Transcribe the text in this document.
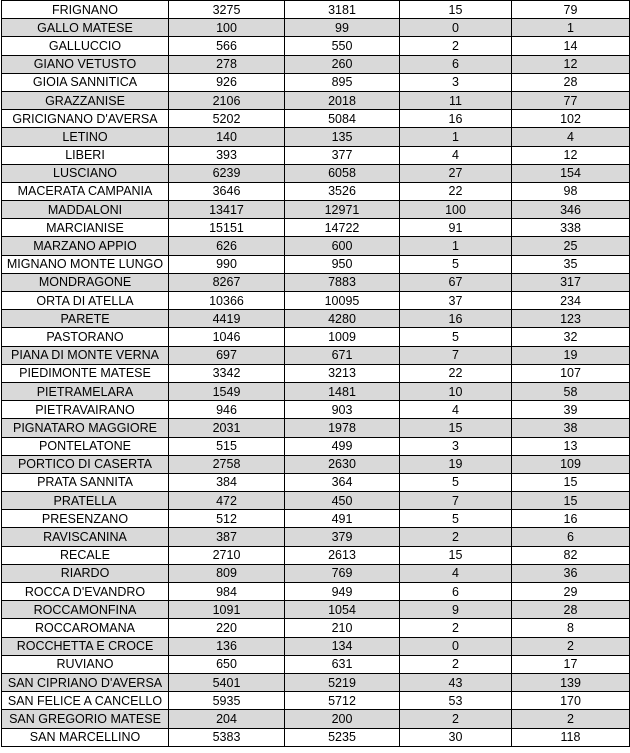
FRIGNANO	3275	3181	15	79
GALLO MATESE	100	99	0	1
GALLUCCIO	566	550	2	14
GIANO VETUSTO	278	260	6	12
GIOIA SANNITICA	926	895	3	28
GRAZZANISE	2106	2018	11	77
GRICIGNANO D'AVERSA	5202	5084	16	102
LETINO	140	135	1	4
LIBERI	393	377	4	12
LUSCIANO	6239	6058	27	154
MACERATA CAMPANIA	3646	3526	22	98
MADDALONI	13417	12971	100	346
MARCIANISE	15151	14722	91	338
MARZANO APPIO	626	600	1	25
MIGNANO MONTE LUNGO	990	950	5	35
MONDRAGONE	8267	7883	67	317
ORTA DI ATELLA	10366	10095	37	234
PARETE	4419	4280	16	123
PASTORANO	1046	1009	5	32
PIANA DI MONTE VERNA	697	671	7	19
PIEDIMONTE MATESE	3342	3213	22	107
PIETRAMELARA	1549	1481	10	58
PIETRAVAIRANO	946	903	4	39
PIGNATARO MAGGIORE	2031	1978	15	38
PONTELATONE	515	499	3	13
PORTICO DI CASERTA	2758	2630	19	109
PRATA SANNITA	384	364	5	15
PRATELLA	472	450	7	15
PRESENZANO	512	491	5	16
RAVISCANINA	387	379	2	6
RECALE	2710	2613	15	82
RIARDO	809	769	4	36
ROCCA D'EVANDRO	984	949	6	29
ROCCAMONFINA	1091	1054	9	28
ROCCAROMANA	220	210	2	8
ROCCHETTA E CROCE	136	134	0	2
RUVIANO	650	631	2	17
SAN CIPRIANO D'AVERSA	5401	5219	43	139
SAN FELICE A CANCELLO	5935	5712	53	170
SAN GREGORIO MATESE	204	200	2	2
SAN MARCELLINO	5383	5235	30	118
